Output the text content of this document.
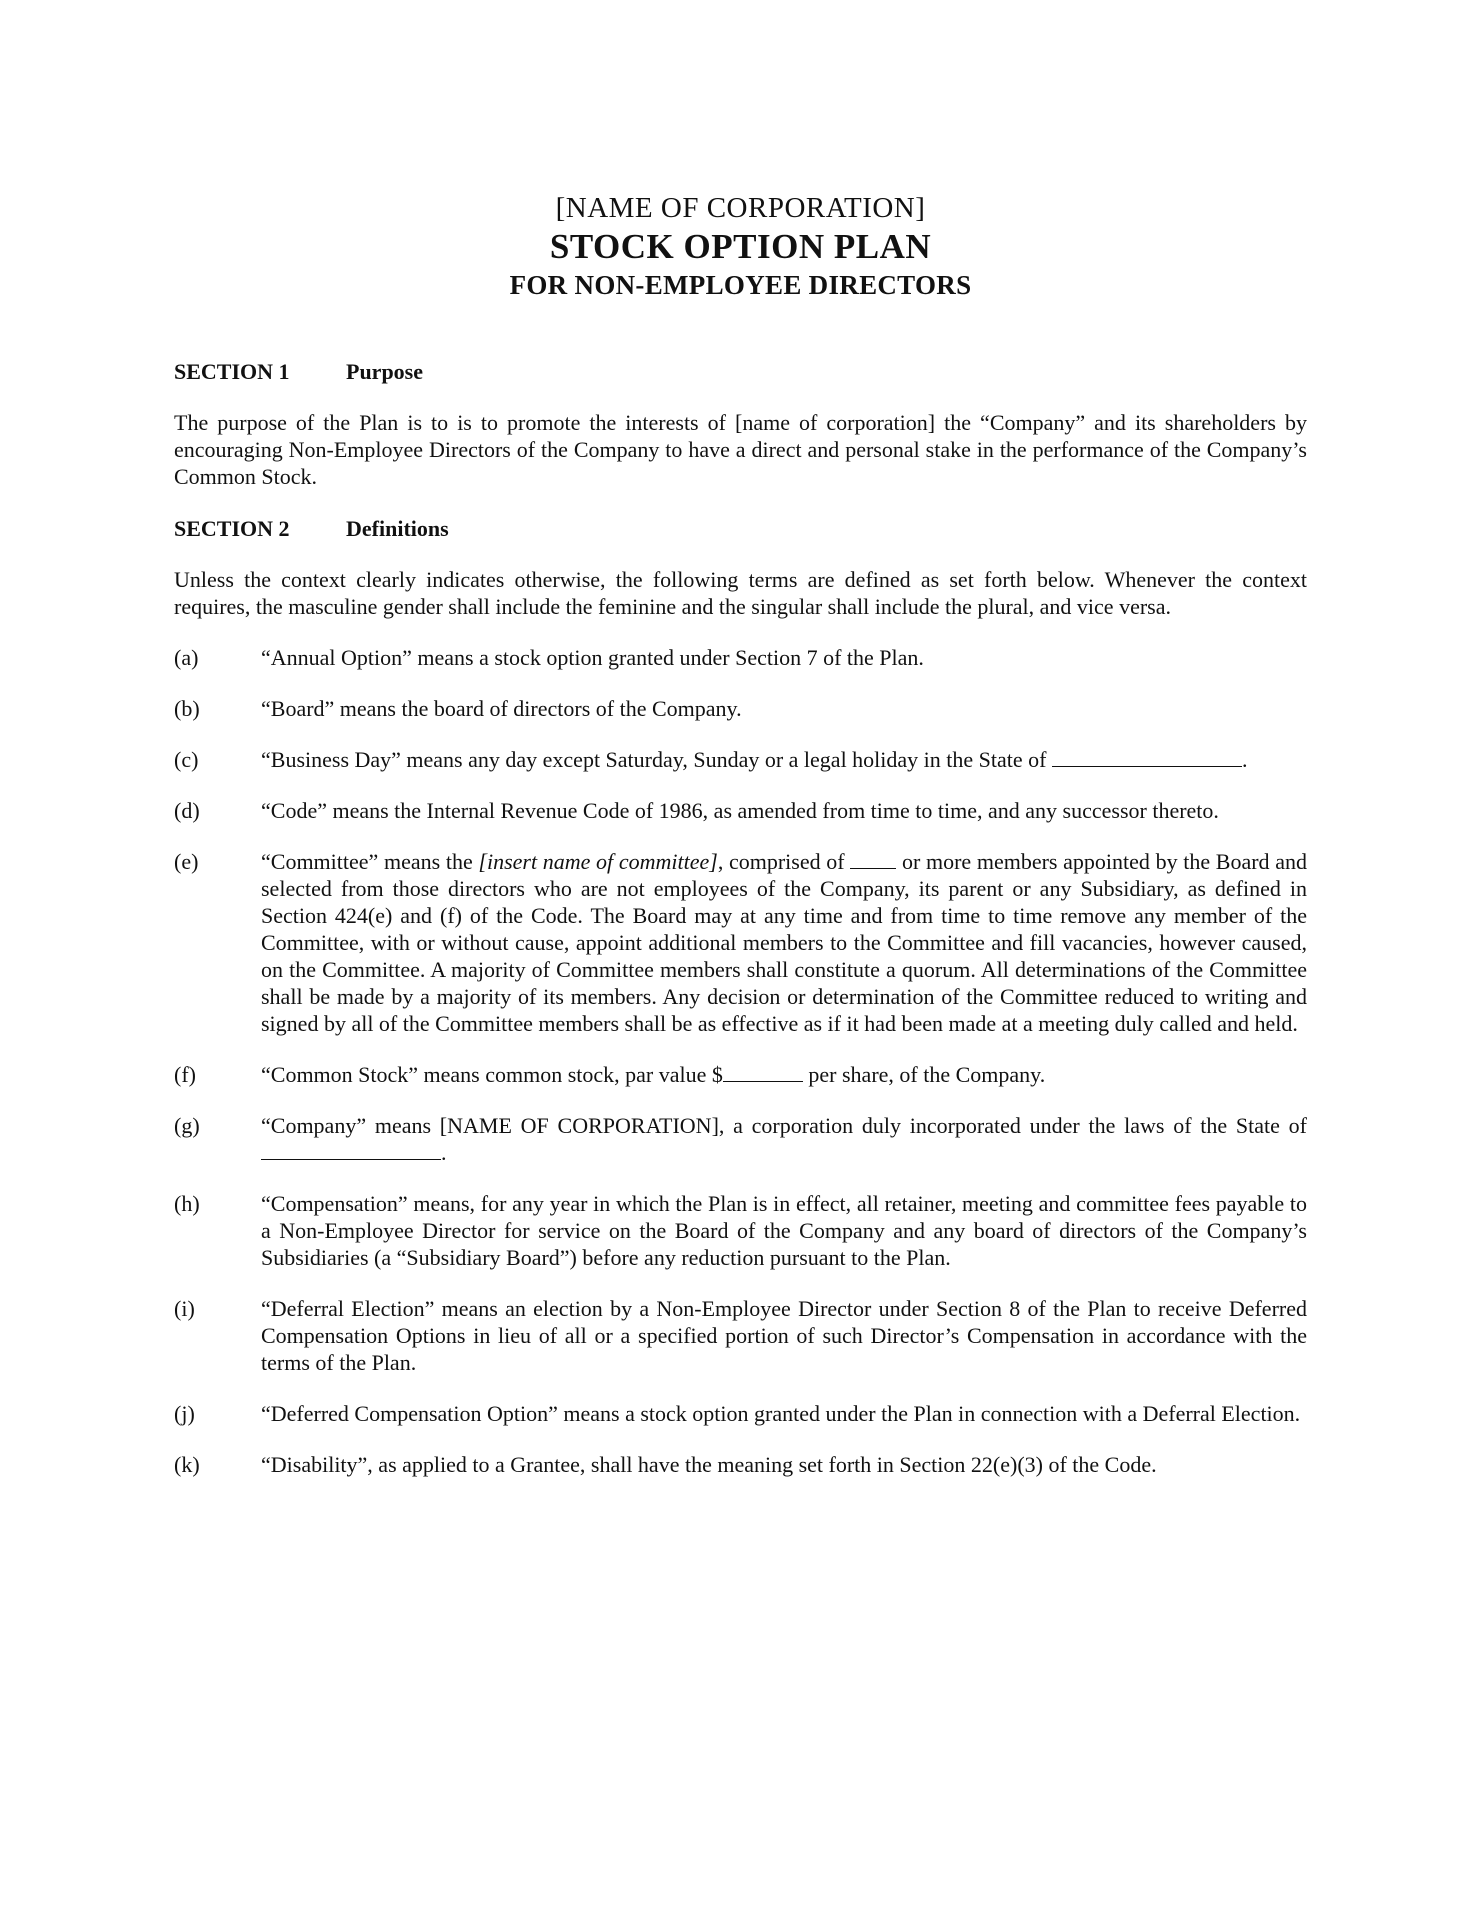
[NAME OF CORPORATION]
STOCK OPTION PLAN
FOR NON-EMPLOYEE DIRECTORS
SECTION 1	Purpose

The purpose of the Plan is to is to promote the interests of [name of corporation] the “Company” and its shareholders by encouraging Non-Employee Directors of the Company to have a direct and personal stake in the performance of the Company’s Common Stock.

SECTION 2	Definitions

Unless the context clearly indicates otherwise, the following terms are defined as set forth below. Whenever the context requires, the masculine gender shall include the feminine and the singular shall include the plural, and vice versa.

(a)	“Annual Option” means a stock option granted under Section 7 of the Plan.
(b)	“Board” means the board of directors of the Company.
(c)	“Business Day” means any day except Saturday, Sunday or a legal holiday in the State of	.
(d)	“Code” means the Internal Revenue Code of 1986, as amended from time to time, and any successor thereto.
(e)	“Committee” means the [insert name of committee], comprised of  or more members appointed by the Board and selected from those directors who are not employees of the Company, its parent or any Subsidiary, as defined in Section 424(e) and (f) of the Code. The Board may at any time and from time to time remove any member of the Committee, with or without cause, appoint additional members to the Committee and fill vacancies, however caused, on the Committee. A majority of Committee members shall constitute a quorum. All determinations of the Committee shall be made by a majority of its members. Any decision or determination of the Committee reduced to writing and signed by all of the Committee members shall be as effective as if it had been made at a meeting duly called and held.
(f)	“Common Stock” means common stock, par value $	per share, of the Company.
(g)	“Company” means [NAME OF CORPORATION], a corporation duly incorporated under the laws of the State of .
(h)	“Compensation” means, for any year in which the Plan is in effect, all retainer, meeting and committee fees payable to a Non-Employee Director for service on the Board of the Company and any board of directors of the Company’s Subsidiaries (a “Subsidiary Board”) before any reduction pursuant to the Plan.
(i)	“Deferral Election” means an election by a Non-Employee Director under Section 8 of the Plan to receive Deferred Compensation Options in lieu of all or a specified portion of such Director’s Compensation in accordance with the terms of the Plan.
(j)	“Deferred Compensation Option” means a stock option granted under the Plan in connection with a Deferral Election.
(k)	“Disability”, as applied to a Grantee, shall have the meaning set forth in Section 22(e)(3) of the Code.
